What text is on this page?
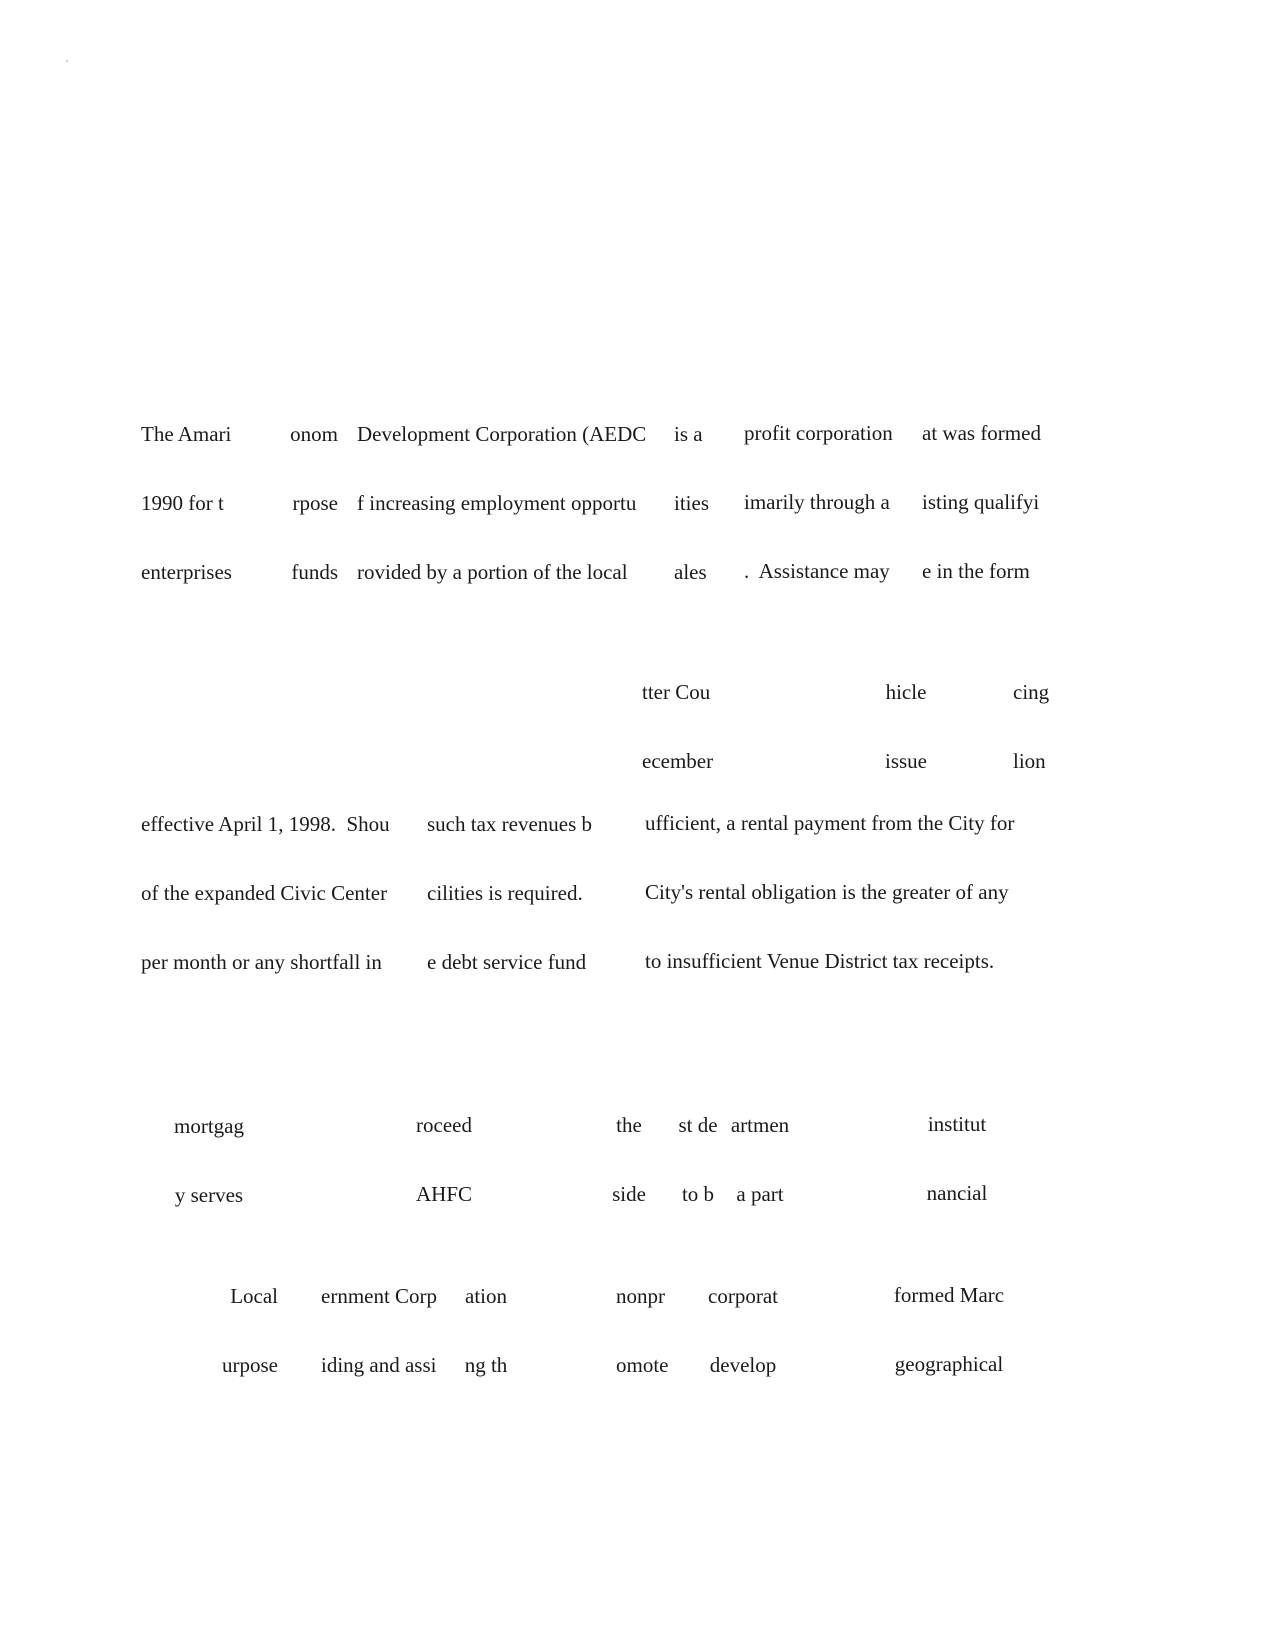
The Amari

1990 for t

enterprises

onom

rpose

funds

Development Corporation (AEDC

f increasing employment opportu

rovided by a portion of the local

is a

ities

ales

profit corporation

imarily through a

.  Assistance may

at was formed

isting qualifyi

e in the form

tter Cou

ecember

hicle

issue

cing

lion

effective April 1, 1998.  Shou

of the expanded Civic Center

per month or any shortfall in

such tax revenues b

cilities is required.

e debt service fund

ufficient, a rental payment from the City for

City's rental obligation is the greater of any

to insufficient Venue District tax receipts.

mortgag

y serves

roceed

AHFC

the

side

st de

to b

artmen

a part

institut

nancial

Local

urpose

ernment Corp

iding and assi

ation

ng th

nonpr

omote

corporat

develop

formed Marc

geographical
